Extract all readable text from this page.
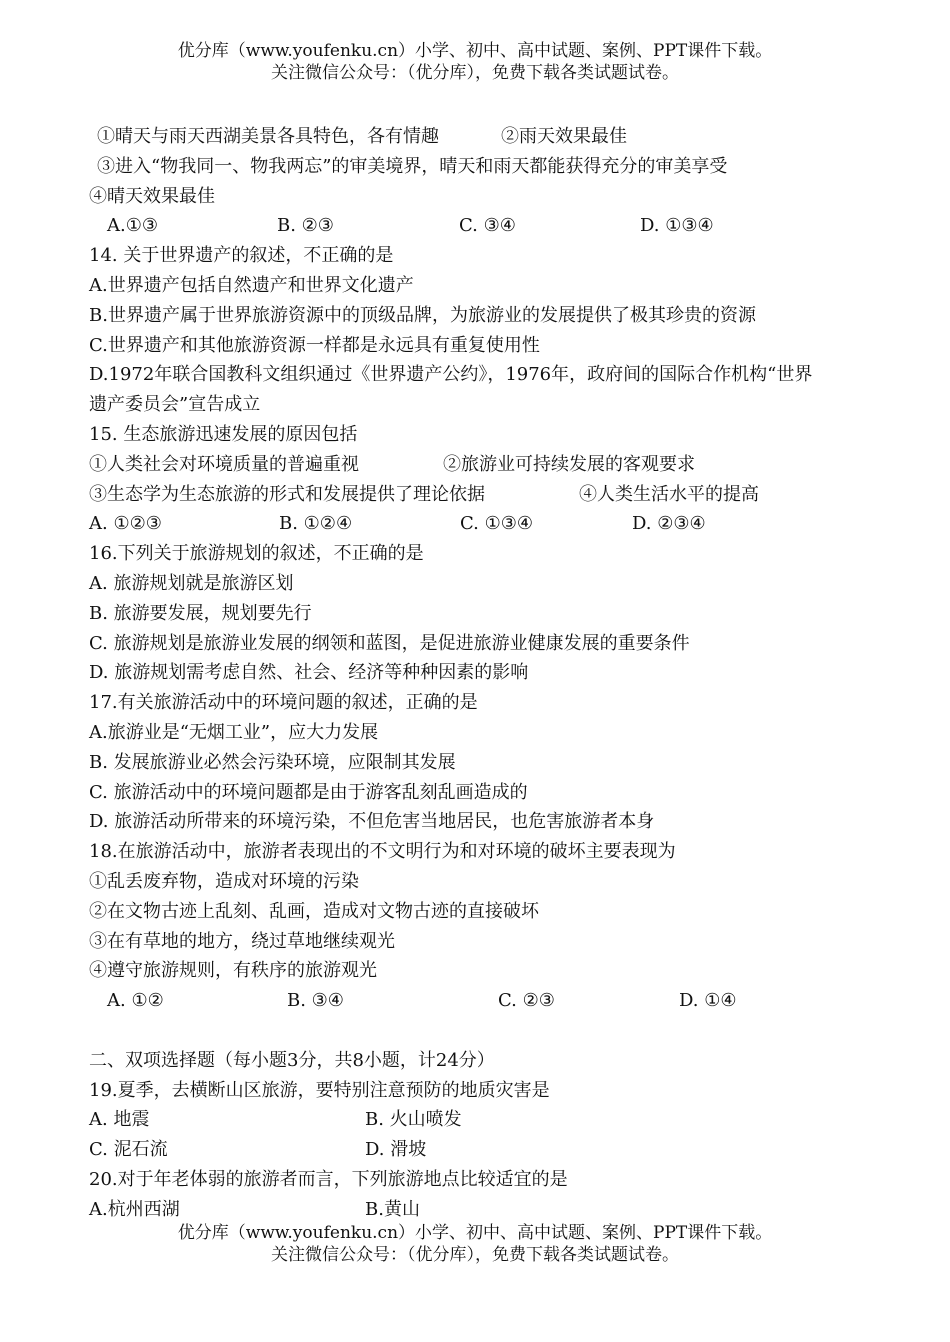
优分库（www.youfenku.cn）小学、初中、高中试题、案例、PPT课件下载。
关注微信公众号：（优分库），免费下载各类试题试卷。
①晴天与雨天西湖美景各具特色，各有情趣	②雨天效果最佳
③进入“物我同一、物我两忘”的审美境界，晴天和雨天都能获得充分的审美享受
④晴天效果最佳
A.①③	B. ②③	C. ③④	D. ①③④
14. 关于世界遗产的叙述，不正确的是
A.世界遗产包括自然遗产和世界文化遗产
B.世界遗产属于世界旅游资源中的顶级品牌，为旅游业的发展提供了极其珍贵的资源
C.世界遗产和其他旅游资源一样都是永远具有重复使用性
D.1972年联合国教科文组织通过《世界遗产公约》，1976年，政府间的国际合作机构“世界
遗产委员会”宣告成立
15. 生态旅游迅速发展的原因包括
①人类社会对环境质量的普遍重视	②旅游业可持续发展的客观要求
③生态学为生态旅游的形式和发展提供了理论依据	④人类生活水平的提高
A. ①②③	B. ①②④	C. ①③④	D. ②③④
16.下列关于旅游规划的叙述，不正确的是
A. 旅游规划就是旅游区划
B. 旅游要发展，规划要先行
C. 旅游规划是旅游业发展的纲领和蓝图，是促进旅游业健康发展的重要条件
D. 旅游规划需考虑自然、社会、经济等种种因素的影响
17.有关旅游活动中的环境问题的叙述，正确的是
A.旅游业是“无烟工业”，应大力发展
B. 发展旅游业必然会污染环境，应限制其发展
C. 旅游活动中的环境问题都是由于游客乱刻乱画造成的
D. 旅游活动所带来的环境污染，不但危害当地居民，也危害旅游者本身
18.在旅游活动中，旅游者表现出的不文明行为和对环境的破坏主要表现为
①乱丢废弃物，造成对环境的污染
②在文物古迹上乱刻、乱画，造成对文物古迹的直接破坏
③在有草地的地方，绕过草地继续观光
④遵守旅游规则，有秩序的旅游观光
A. ①②	B. ③④	C. ②③	D. ①④
二、双项选择题（每小题3分，共8小题，计24分）
19.夏季，去横断山区旅游，要特别注意预防的地质灾害是
A. 地震	B. 火山喷发
C. 泥石流	D. 滑坡
20.对于年老体弱的旅游者而言，下列旅游地点比较适宜的是
A.杭州西湖	B.黄山
优分库（www.youfenku.cn）小学、初中、高中试题、案例、PPT课件下载。
关注微信公众号：（优分库），免费下载各类试题试卷。
